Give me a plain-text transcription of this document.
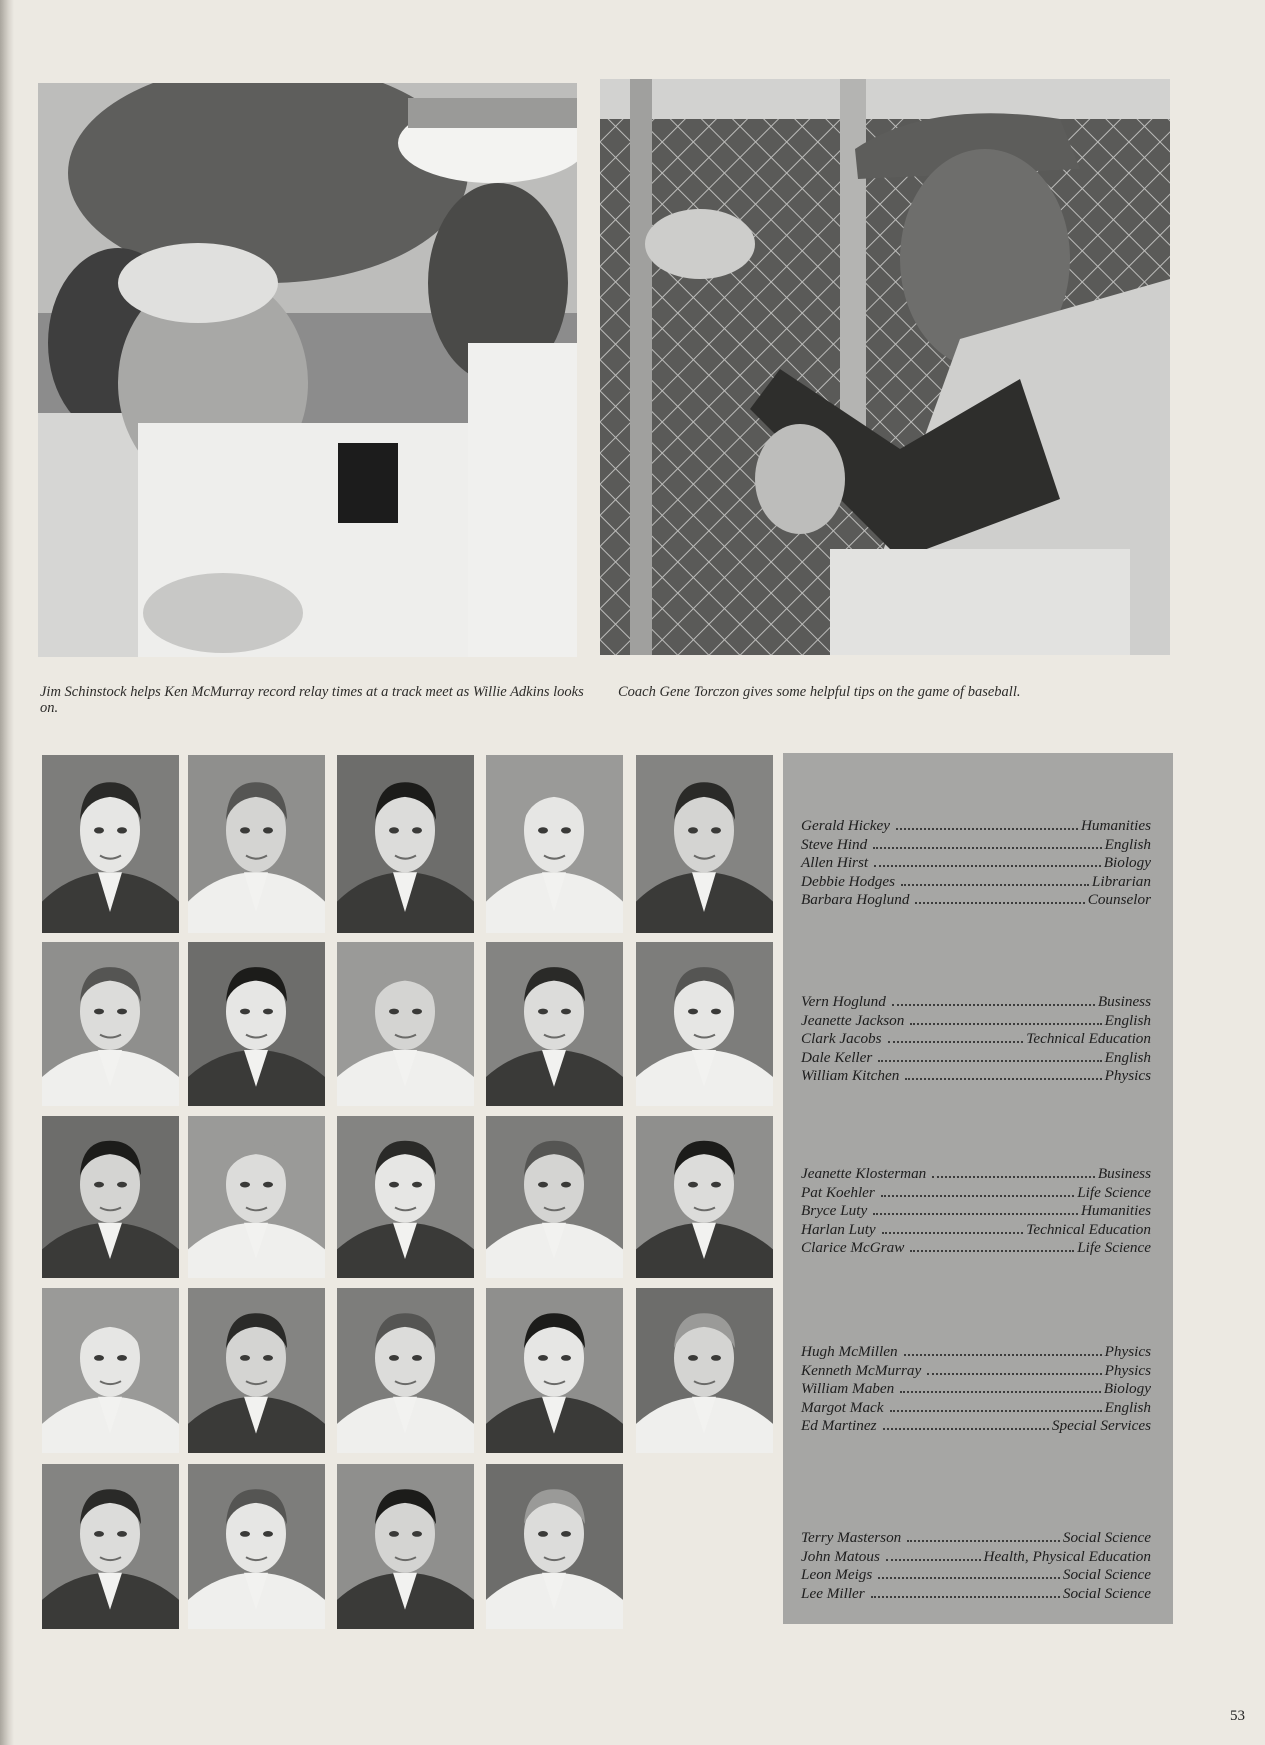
Jim Schinstock helps Ken McMurray record relay times at a track meet as Willie Adkins looks on.

Coach Gene Torczon gives some helpful tips on the game of baseball.

Gerald Hickey	Humanities
Steve Hind	English
Allen Hirst	Biology
Debbie Hodges	Librarian
Barbara Hoglund	Counselor
Vern Hoglund	Business
Jeanette Jackson	English
Clark Jacobs	Technical Education
Dale Keller	English
William Kitchen	Physics
Jeanette Klosterman	Business
Pat Koehler	Life Science
Bryce Luty	Humanities
Harlan Luty	Technical Education
Clarice McGraw	Life Science
Hugh McMillen	Physics
Kenneth McMurray	Physics
William Maben	Biology
Margot Mack	English
Ed Martinez	Special Services
Terry Masterson	Social Science
John Matous	Health, Physical Education
Leon Meigs	Social Science
Lee Miller	Social Science
53
